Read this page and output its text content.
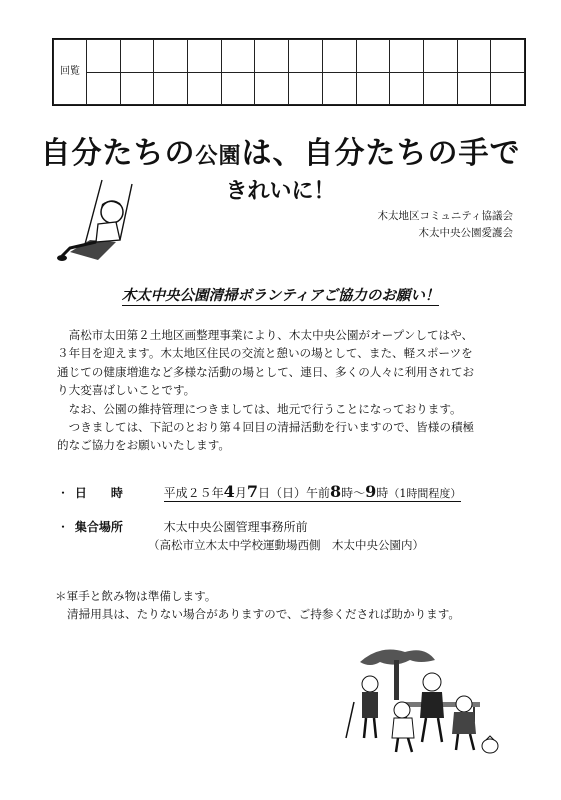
回覧													

自分たちの公園は、自分たちの手で
きれいに！
木太地区コミュニティ協議会
木太中央公園愛護会
木太中央公園清掃ボランティアご協力のお願い！

高松市太田第２土地区画整理事業により、木太中央公園がオープンしてはや、

３年目を迎えます。木太地区住民の交流と憩いの場として、また、軽スポーツを

通じての健康増進など多様な活動の場として、連日、多くの人々に利用されてお

り大変喜ばしいことです。

なお、公園の維持管理につきましては、地元で行うことになっております。

つきましては、下記のとおり第４回目の清掃活動を行いますので、皆様の積極

的なご協力をお願いいたします。

・ 日　　時	平成２５年4月7日（日）午前8時～9時（1時間程度）
・ 集合場所	木太中央公園管理事務所前
（高松市立木太中学校運動場西側　木太中央公園内）
＊軍手と飲み物は準備します。
清掃用具は、たりない場合がありますので、ご持参くだされば助かります。
